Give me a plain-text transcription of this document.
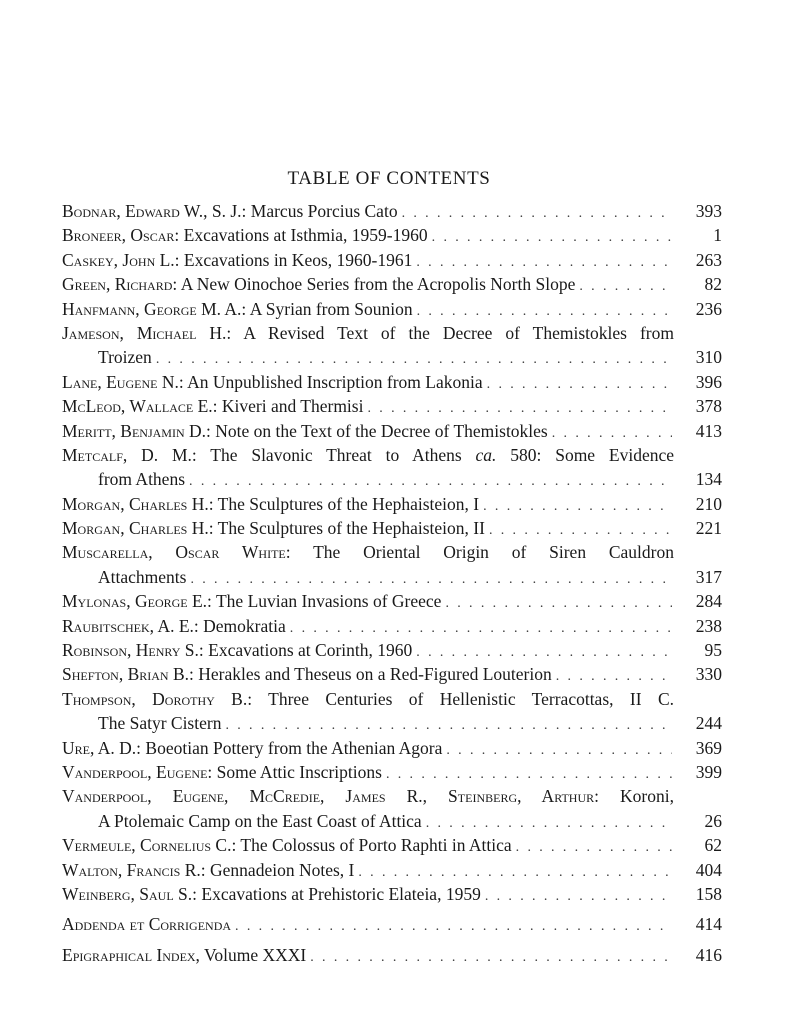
TABLE OF CONTENTS
Bodnar, Edward W., S. J.: Marcus Porcius Cato . . .	393
Broneer, Oscar: Excavations at Isthmia, 1959-1960 . . .	1
Caskey, John L.: Excavations in Keos, 1960-1961 . . .	263
Green, Richard: A New Oinochoe Series from the Acropolis North Slope . . .	82
Hanfmann, George M. A.: A Syrian from Sounion . . .	236
Jameson, Michael H.: A Revised Text of the Decree of Themistokles from
Troizen . . .	310
Lane, Eugene N.: An Unpublished Inscription from Lakonia . . .	396
McLeod, Wallace E.: Kiveri and Thermisi . . .	378
Meritt, Benjamin D.: Note on the Text of the Decree of Themistokles . . .	413
Metcalf, D. M.: The Slavonic Threat to Athens ca. 580: Some Evidence
from Athens . . .	134
Morgan, Charles H.: The Sculptures of the Hephaisteion, I . . .	210
Morgan, Charles H.: The Sculptures of the Hephaisteion, II . . .	221
Muscarella, Oscar White: The Oriental Origin of Siren Cauldron
Attachments . . .	317
Mylonas, George E.: The Luvian Invasions of Greece . . .	284
Raubitschek, A. E.: Demokratia . . .	238
Robinson, Henry S.: Excavations at Corinth, 1960 . . .	95
Shefton, Brian B.: Herakles and Theseus on a Red-Figured Louterion . . .	330
Thompson, Dorothy B.: Three Centuries of Hellenistic Terracottas, II C.
The Satyr Cistern . . .	244
Ure, A. D.: Boeotian Pottery from the Athenian Agora . . .	369
Vanderpool, Eugene: Some Attic Inscriptions . . .	399
Vanderpool, Eugene, McCredie, James R., Steinberg, Arthur: Koroni,
A Ptolemaic Camp on the East Coast of Attica . . .	26
Vermeule, Cornelius C.: The Colossus of Porto Raphti in Attica . . .	62
Walton, Francis R.: Gennadeion Notes, I . . .	404
Weinberg, Saul S.: Excavations at Prehistoric Elateia, 1959 . . .	158
Addenda et Corrigenda . . .	414
Epigraphical Index, Volume XXXI . . .	416
